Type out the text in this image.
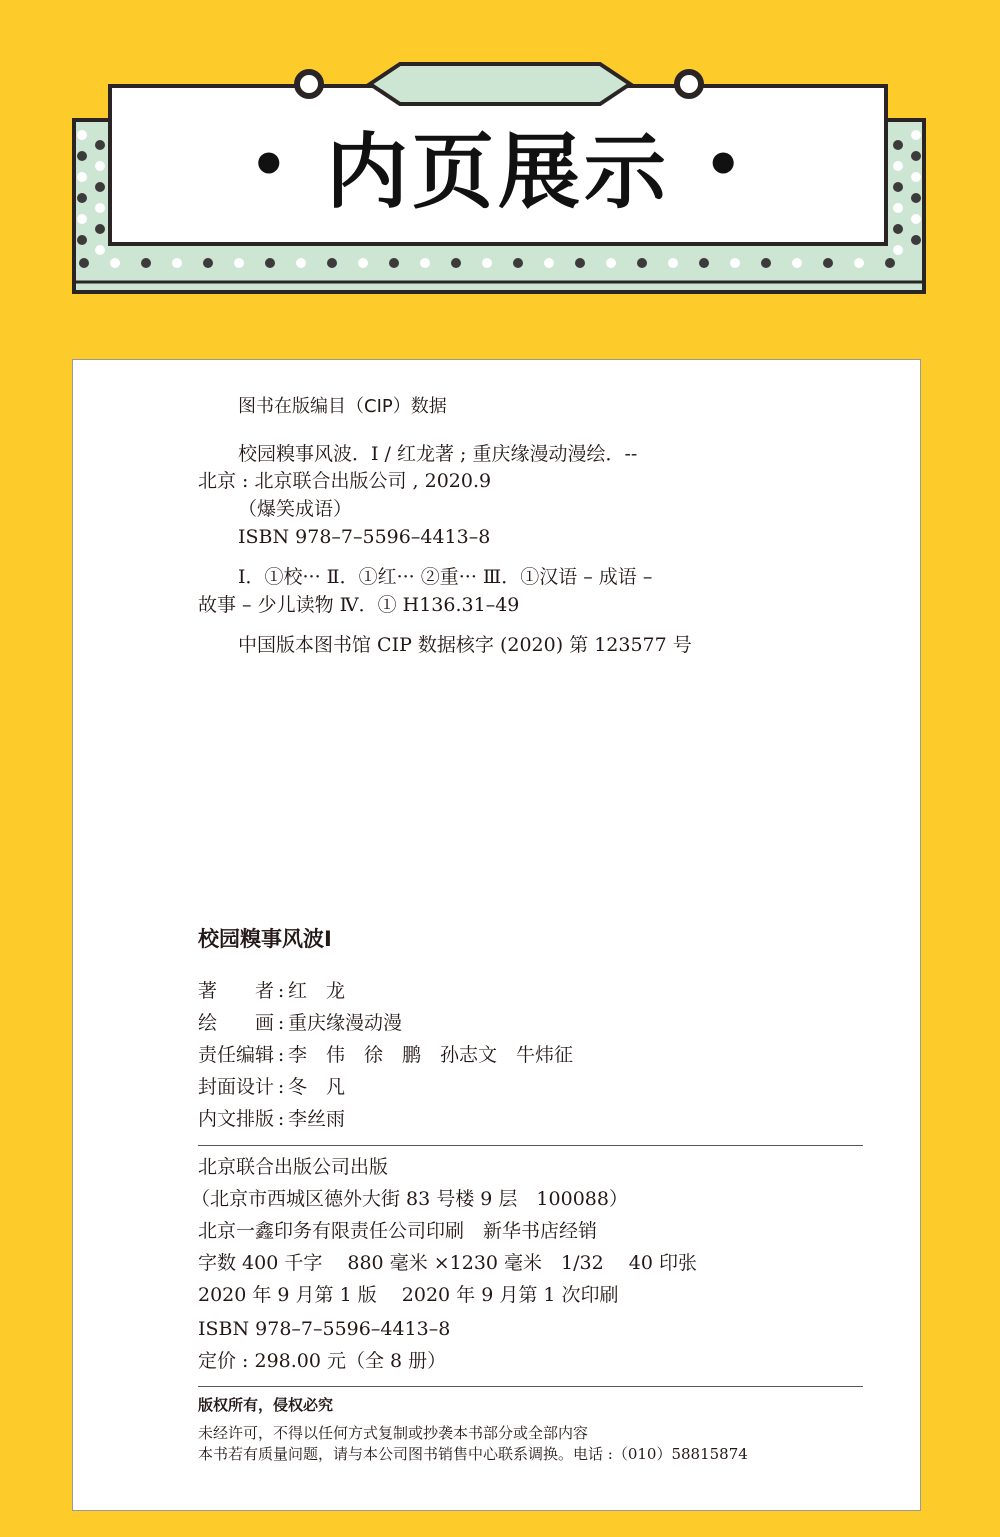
• 内页展示 •
图书在版编目（CIP）数据
校园糗事风波．Ⅰ / 红龙著 ; 重庆缘漫动漫绘．--
北京 : 北京联合出版公司 , 2020.9
（爆笑成语）
ISBN 978–7–5596–4413–8
Ⅰ．①校··· Ⅱ．①红··· ②重··· Ⅲ．①汉语 – 成语 –
故事 – 少儿读物 Ⅳ．① H136.31–49
中国版本图书馆 CIP 数据核字 (2020) 第 123577 号
校园糗事风波Ⅰ
著　　者 : 红　龙
绘　　画 : 重庆缘漫动漫
责任编辑 : 李　伟　徐　鹏　孙志文　牛炜征
封面设计 : 冬　凡
内文排版 : 李丝雨
北京联合出版公司出版
（北京市西城区德外大街 83 号楼 9 层　100088）
北京一鑫印务有限责任公司印刷　新华书店经销
字数 400 千字　 880 毫米 ×1230 毫米　1/32　 40 印张
2020 年 9 月第 1 版　 2020 年 9 月第 1 次印刷
ISBN 978–7–5596–4413–8
定价 : 298.00 元（全 8 册）
版权所有，侵权必究
未经许可，不得以任何方式复制或抄袭本书部分或全部内容
本书若有质量问题，请与本公司图书销售中心联系调换。电话 :（010）58815874
